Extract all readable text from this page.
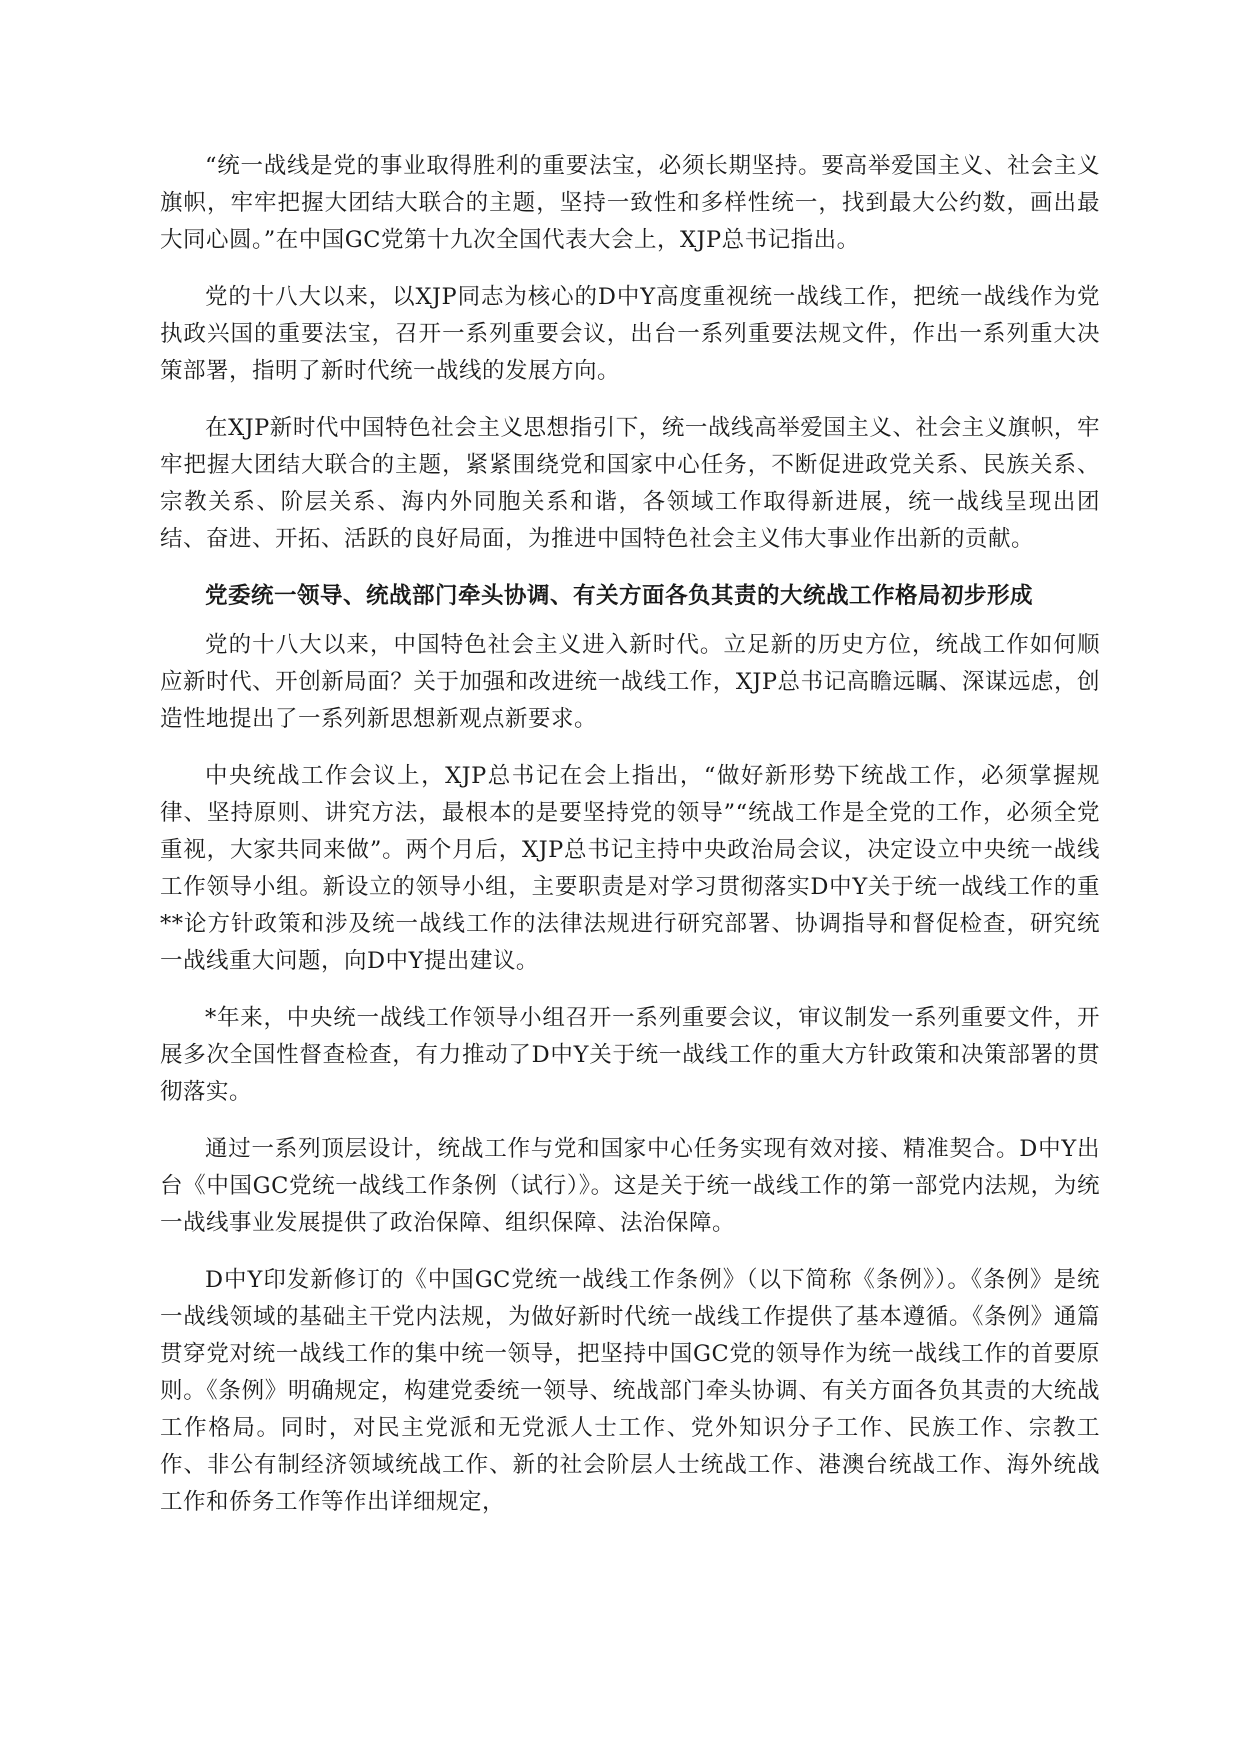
“统一战线是党的事业取得胜利的重要法宝，必须长期坚持。要高举爱国主义、社会主义旗帜，牢牢把握大团结大联合的主题，坚持一致性和多样性统一，找到最大公约数，画出最大同心圆。”在中国GC党第十九次全国代表大会上，XJP总书记指出。

党的十八大以来，以XJP同志为核心的D中Y高度重视统一战线工作，把统一战线作为党执政兴国的重要法宝，召开一系列重要会议，出台一系列重要法规文件，作出一系列重大决策部署，指明了新时代统一战线的发展方向。

在XJP新时代中国特色社会主义思想指引下，统一战线高举爱国主义、社会主义旗帜，牢牢把握大团结大联合的主题，紧紧围绕党和国家中心任务，不断促进政党关系、民族关系、宗教关系、阶层关系、海内外同胞关系和谐，各领域工作取得新进展，统一战线呈现出团结、奋进、开拓、活跃的良好局面，为推进中国特色社会主义伟大事业作出新的贡献。

党委统一领导、统战部门牵头协调、有关方面各负其责的大统战工作格局初步形成

党的十八大以来，中国特色社会主义进入新时代。立足新的历史方位，统战工作如何顺应新时代、开创新局面？关于加强和改进统一战线工作，XJP总书记高瞻远瞩、深谋远虑，创造性地提出了一系列新思想新观点新要求。

中央统战工作会议上，XJP总书记在会上指出，“做好新形势下统战工作，必须掌握规律、坚持原则、讲究方法，最根本的是要坚持党的领导”“统战工作是全党的工作，必须全党重视，大家共同来做”。两个月后，XJP总书记主持中央政治局会议，决定设立中央统一战线工作领导小组。新设立的领导小组，主要职责是对学习贯彻落实D中Y关于统一战线工作的重**论方针政策和涉及统一战线工作的法律法规进行研究部署、协调指导和督促检查，研究统一战线重大问题，向D中Y提出建议。

*年来，中央统一战线工作领导小组召开一系列重要会议，审议制发一系列重要文件，开展多次全国性督查检查，有力推动了D中Y关于统一战线工作的重大方针政策和决策部署的贯彻落实。

通过一系列顶层设计，统战工作与党和国家中心任务实现有效对接、精准契合。D中Y出台《中国GC党统一战线工作条例（试行）》。这是关于统一战线工作的第一部党内法规，为统一战线事业发展提供了政治保障、组织保障、法治保障。

D中Y印发新修订的《中国GC党统一战线工作条例》（以下简称《条例》）。《条例》是统一战线领域的基础主干党内法规，为做好新时代统一战线工作提供了基本遵循。《条例》通篇贯穿党对统一战线工作的集中统一领导，把坚持中国GC党的领导作为统一战线工作的首要原则。《条例》明确规定，构建党委统一领导、统战部门牵头协调、有关方面各负其责的大统战工作格局。同时，对民主党派和无党派人士工作、党外知识分子工作、民族工作、宗教工作、非公有制经济领域统战工作、新的社会阶层人士统战工作、港澳台统战工作、海外统战工作和侨务工作等作出详细规定，
